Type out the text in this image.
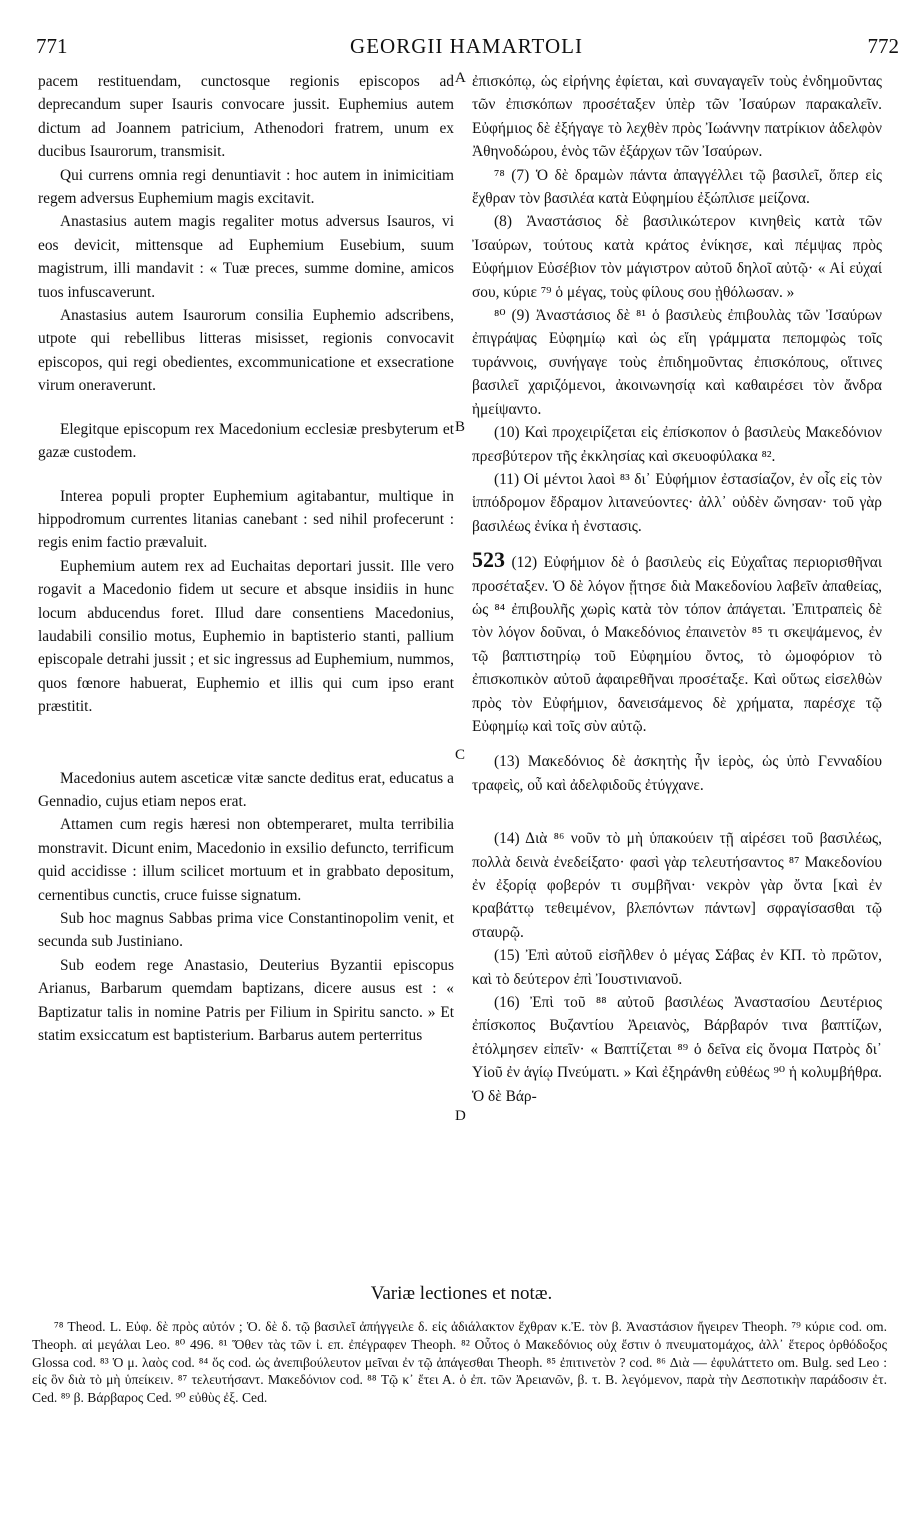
771	GEORGII HAMARTOLI	772
A
B
C
D

pacem restituendam, cunctosque regionis episcopos ad deprecandum super Isauris convocare jussit. Euphemius autem dictum ad Joannem patricium, Athenodori fratrem, unum ex ducibus Isaurorum, transmisit.

Qui currens omnia regi denuntiavit : hoc autem in inimicitiam regem adversus Euphemium magis excitavit.

Anastasius autem magis regaliter motus adversus Isauros, vi eos devicit, mittensque ad Euphemium Eusebium, suum magistrum, illi mandavit : « Tuæ preces, summe domine, amicos tuos infuscaverunt.

Anastasius autem Isaurorum consilia Euphemio adscribens, utpote qui rebellibus litteras misisset, regionis convocavit episcopos, qui regi obedientes, excommunicatione et exsecratione virum oneraverunt.

Elegitque episcopum rex Macedonium ecclesiæ presbyterum et gazæ custodem.

Interea populi propter Euphemium agitabantur, multique in hippodromum currentes litanias canebant : sed nihil profecerunt : regis enim factio prævaluit.

Euphemium autem rex ad Euchaitas deportari jussit. Ille vero rogavit a Macedonio fidem ut secure et absque insidiis in hunc locum abducendus foret. Illud dare consentiens Macedonius, laudabili consilio motus, Euphemio in baptisterio stanti, pallium episcopale detrahi jussit ; et sic ingressus ad Euphemium, nummos, quos fœnore habuerat, Euphemio et illis qui cum ipso erant præstitit.

Macedonius autem asceticæ vitæ sancte deditus erat, educatus a Gennadio, cujus etiam nepos erat.

Attamen cum regis hæresi non obtemperaret, multa terribilia monstravit. Dicunt enim, Macedonio in exsilio defuncto, terrificum quid accidisse : illum scilicet mortuum et in grabbato depositum, cernentibus cunctis, cruce fuisse signatum.

Sub hoc magnus Sabbas prima vice Constantinopolim venit, et secunda sub Justiniano.

Sub eodem rege Anastasio, Deuterius Byzantii episcopus Arianus, Barbarum quemdam baptizans, dicere ausus est : « Baptizatur talis in nomine Patris per Filium in Spiritu sancto. » Et statim exsiccatum est baptisterium. Barbarus autem perterritus

ἐπισκόπῳ, ὡς εἰρήνης ἐφίεται, καὶ συναγαγεῖν τοὺς ἐνδημοῦντας τῶν ἐπισκόπων προσέταξεν ὑπὲρ τῶν Ἰσαύρων παρακαλεῖν. Εὐφήμιος δὲ ἐξήγαγε τὸ λεχθὲν πρὸς Ἰωάννην πατρίκιον ἀδελφὸν Ἀθηνοδώρου, ἑνὸς τῶν ἐξάρχων τῶν Ἰσαύρων.

⁷⁸ (7) Ὁ δὲ δραμὼν πάντα ἀπαγγέλλει τῷ βασιλεῖ, ὅπερ εἰς ἔχθραν τὸν βασιλέα κατὰ Εὐφημίου ἐξώπλισε μείζονα.

(8) Ἀναστάσιος δὲ βασιλικώτερον κινηθεὶς κατὰ τῶν Ἰσαύρων, τούτους κατὰ κράτος ἐνίκησε, καὶ πέμψας πρὸς Εὐφήμιον Εὐσέβιον τὸν μάγιστρον αὐτοῦ δηλοῖ αὐτῷ· « Αἱ εὐχαί σου, κύριε ⁷⁹ ὁ μέγας, τοὺς φίλους σου ᾐθόλωσαν. »

⁸⁰ (9) Ἀναστάσιος δὲ ⁸¹ ὁ βασιλεὺς ἐπιβουλὰς τῶν Ἰσαύρων ἐπιγράψας Εὐφημίῳ καὶ ὡς εἴη γράμματα πεπομφὼς τοῖς τυράννοις, συνήγαγε τοὺς ἐπιδημοῦντας ἐπισκόπους, οἵτινες βασιλεῖ χαριζόμενοι, ἀκοινωνησίᾳ καὶ καθαιρέσει τὸν ἄνδρα ἠμείψαντο.

(10) Καὶ προχειρίζεται εἰς ἐπίσκοπον ὁ βασιλεὺς Μακεδόνιον πρεσβύτερον τῆς ἐκκλησίας καὶ σκευοφύλακα ⁸².

(11) Οἱ μέντοι λαοὶ ⁸³ δι᾿ Εὐφήμιον ἐστασίαζον, ἐν οἷς εἰς τὸν ἱππόδρομον ἔδραμον λιτανεύοντες· ἀλλ᾿ οὐδὲν ὤνησαν· τοῦ γὰρ βασιλέως ἐνίκα ἡ ἐνστασις.

523 (12) Εὐφήμιον δὲ ὁ βασιλεὺς εἰς Εὐχαΐτας περιορισθῆναι προσέταξεν. Ὁ δὲ λόγον ᾔτησε διὰ Μακεδονίου λαβεῖν ἀπαθείας, ὡς ⁸⁴ ἐπιβουλῆς χωρὶς κατὰ τὸν τόπον ἀπάγεται. Ἐπιτραπεὶς δὲ τὸν λόγον δοῦναι, ὁ Μακεδόνιος ἐπαινετὸν ⁸⁵ τι σκεψάμενος, ἐν τῷ βαπτιστηρίῳ τοῦ Εὐφημίου ὄντος, τὸ ὠμοφόριον τὸ ἐπισκοπικὸν αὐτοῦ ἀφαιρεθῆναι προσέταξε. Καὶ οὕτως εἰσελθὼν πρὸς τὸν Εὐφήμιον, δανεισάμενος δὲ χρήματα, παρέσχε τῷ Εὐφημίῳ καὶ τοῖς σὺν αὐτῷ.

(13) Μακεδόνιος δὲ ἀσκητὴς ἦν ἱερὸς, ὡς ὑπὸ Γενναδίου τραφεὶς, οὗ καὶ ἀδελφιδοῦς ἐτύγχανε.

(14) Διὰ ⁸⁶ νοῦν τὸ μὴ ὑπακούειν τῇ αἱρέσει τοῦ βασιλέως, πολλὰ δεινὰ ἐνεδείξατο· φασὶ γὰρ τελευτήσαντος ⁸⁷ Μακεδονίου ἐν ἐξορίᾳ φοβερόν τι συμβῆναι· νεκρὸν γὰρ ὄντα [καὶ ἐν κραβάττῳ τεθειμένον, βλεπόντων πάντων] σφραγίσασθαι τῷ σταυρῷ.

(15) Ἐπὶ αὐτοῦ εἰσῆλθεν ὁ μέγας Σάβας ἐν ΚΠ. τὸ πρῶτον, καὶ τὸ δεύτερον ἐπὶ Ἰουστινιανοῦ.

(16) Ἐπὶ τοῦ ⁸⁸ αὐτοῦ βασιλέως Ἀναστασίου Δευτέριος ἐπίσκοπος Βυζαντίου Ἀρειανὸς, Βάρβαρόν τινα βαπτίζων, ἐτόλμησεν εἰπεῖν· « Βαπτίζεται ⁸⁹ ὁ δεῖνα εἰς ὄνομα Πατρὸς δι᾿ Υἱοῦ ἐν ἁγίῳ Πνεύματι. » Καὶ ἐξηράνθη εὐθέως ⁹⁰ ἡ κολυμβήθρα. Ὁ δὲ Βάρ-

Variæ lectiones et notæ.

⁷⁸ Theod. L. Εὐφ. δὲ πρὸς αὐτόν ; Ὁ. δὲ δ. τῷ βασιλεῖ ἀπήγγειλε δ. εἰς ἀδιάλακτον ἔχθραν κ.Ἐ. τὸν β. Ἀναστάσιον ἤγειρεν Theoph. ⁷⁹ κύριε cod. om. Theoph. αἱ μεγάλαι Leo. ⁸⁰ 496. ⁸¹ Ὅθεν τὰς τῶν ἰ. επ. ἐπέγραφεν Theoph. ⁸² Οὗτος ὁ Μακεδόνιος οὐχ ἔστιν ὁ πνευματομάχος, ἀλλ᾿ ἕτερος ὀρθόδοξος Glossa cod. ⁸³ Ὁ μ. λαὸς cod. ⁸⁴ ὅς cod. ὡς ἀνεπιβούλευτον μεῖναι ἐν τῷ ἀπάγεσθαι Theoph. ⁸⁵ ἐπιτινετὸν ? cod. ⁸⁶ Διὰ — ἐφυλάττετο om. Bulg. sed Leo : εἰς ὃν διὰ τὸ μὴ ὑπείκειν. ⁸⁷ τελευτήσαντ. Μακεδόνιον cod. ⁸⁸ Τῷ κ᾿ ἔτει Α. ὁ ἐπ. τῶν Ἀρειανῶν, β. τ. Β. λεγόμενον, παρὰ τὴν Δεσποτικὴν παράδοσιν ἐτ. Ced. ⁸⁹ β. Βάρβαρος Ced. ⁹⁰ εὐθὺς ἐξ. Ced.
